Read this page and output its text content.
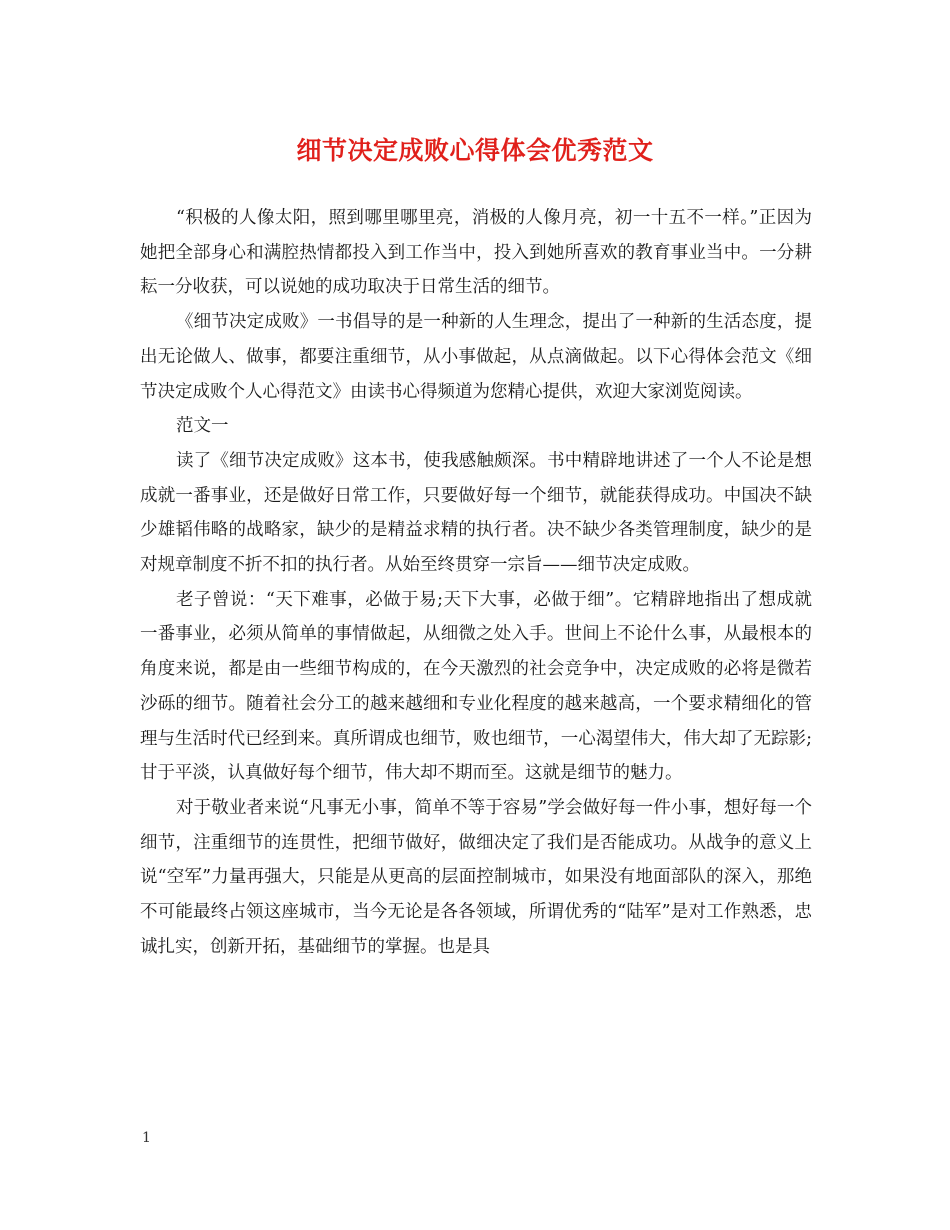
细节决定成败心得体会优秀范文

“积极的人像太阳，照到哪里哪里亮，消极的人像月亮，初一十五不一样。”正因为她把全部身心和满腔热情都投入到工作当中，投入到她所喜欢的教育事业当中。一分耕耘一分收获，可以说她的成功取决于日常生活的细节。

《细节决定成败》一书倡导的是一种新的人生理念，提出了一种新的生活态度，提出无论做人、做事，都要注重细节，从小事做起，从点滴做起。以下心得体会范文《细节决定成败个人心得范文》由读书心得频道为您精心提供，欢迎大家浏览阅读。

范文一

读了《细节决定成败》这本书，使我感触颇深。书中精辟地讲述了一个人不论是想成就一番事业，还是做好日常工作，只要做好每一个细节，就能获得成功。中国决不缺少雄韬伟略的战略家，缺少的是精益求精的执行者。决不缺少各类管理制度，缺少的是对规章制度不折不扣的执行者。从始至终贯穿一宗旨——细节决定成败。

老子曾说：“天下难事，必做于易;天下大事，必做于细”。它精辟地指出了想成就一番事业，必须从简单的事情做起，从细微之处入手。世间上不论什么事，从最根本的角度来说，都是由一些细节构成的，在今天激烈的社会竞争中，决定成败的必将是微若沙砾的细节。随着社会分工的越来越细和专业化程度的越来越高，一个要求精细化的管理与生活时代已经到来。真所谓成也细节，败也细节，一心渴望伟大，伟大却了无踪影;甘于平淡，认真做好每个细节，伟大却不期而至。这就是细节的魅力。

对于敬业者来说“凡事无小事，简单不等于容易”学会做好每一件小事，想好每一个细节，注重细节的连贯性，把细节做好，做细决定了我们是否能成功。从战争的意义上说“空军”力量再强大，只能是从更高的层面控制城市，如果没有地面部队的深入，那绝不可能最终占领这座城市，当今无论是各各领域，所谓优秀的“陆军”是对工作熟悉，忠诚扎实，创新开拓，基础细节的掌握。也是具

1
